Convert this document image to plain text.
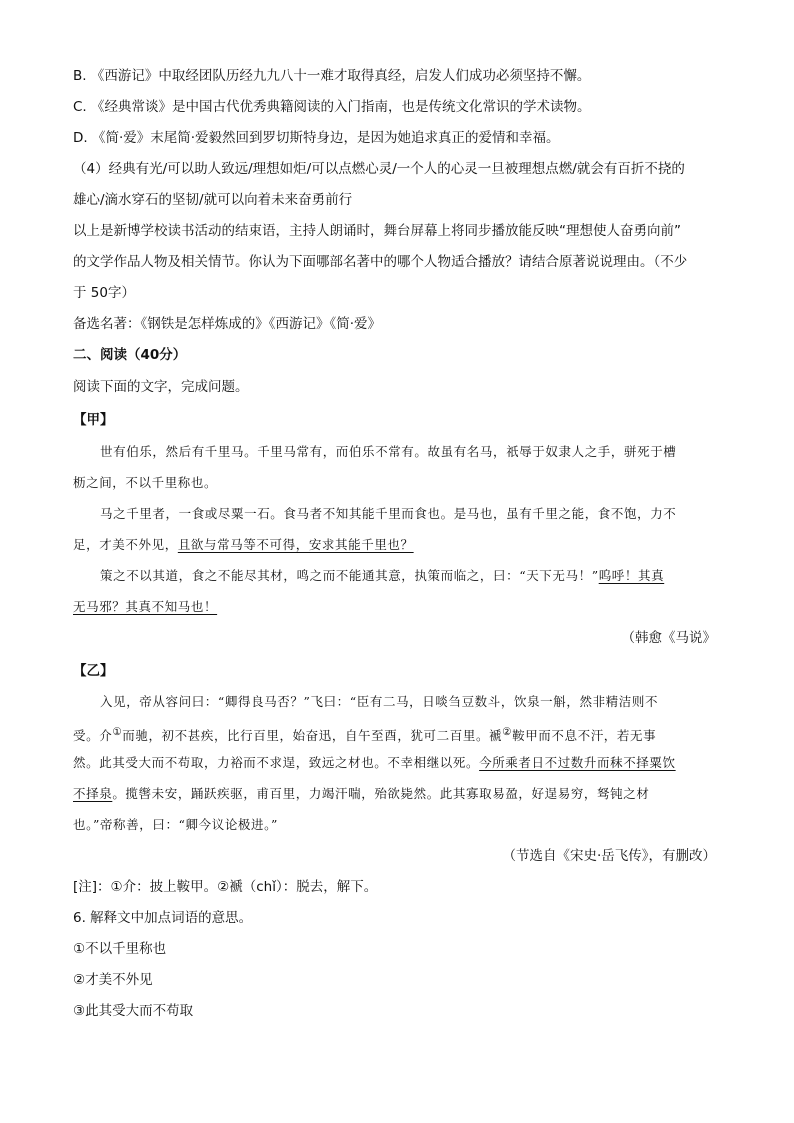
B. 《西游记》中取经团队历经九九八十一难才取得真经，启发人们成功必须坚持不懈。
C. 《经典常谈》是中国古代优秀典籍阅读的入门指南，也是传统文化常识的学术读物。
D. 《简·爱》末尾简·爱毅然回到罗切斯特身边，是因为她追求真正的爱情和幸福。
（4）经典有光/可以助人致远/理想如炬/可以点燃心灵/一个人的心灵一旦被理想点燃/就会有百折不挠的
雄心/滴水穿石的坚韧/就可以向着未来奋勇前行
以上是新博学校读书活动的结束语，主持人朗诵时，舞台屏幕上将同步播放能反映“理想使人奋勇向前”
的文学作品人物及相关情节。你认为下面哪部名著中的哪个人物适合播放？请结合原著说说理由。（不少
于 50字）
备选名著：《钢铁是怎样炼成的》《西游记》《简·爱》
二、阅读（40分）
阅读下面的文字，完成问题。
【甲】
世有伯乐，然后有千里马。千里马常有，而伯乐不常有。故虽有名马，祇辱于奴隶人之手，骈死于槽
枥之间，不以千里称也。
马之千里者，一食或尽粟一石。食马者不知其能千里而食也。是马也，虽有千里之能，食不饱，力不
足，才美不外见，且欲与常马等不可得，安求其能千里也？
策之不以其道，食之不能尽其材，鸣之而不能通其意，执策而临之，曰：“天下无马！”呜呼！其真
无马邪？其真不知马也！
（韩愈《马说》
【乙】
入见，帝从容问曰：“卿得良马否？”飞曰：“臣有二马，日啖刍豆数斗，饮泉一斛，然非精洁则不
受。介①而驰，初不甚疾，比行百里，始奋迅，自午至酉，犹可二百里。褫②鞍甲而不息不汗，若无事
然。此其受大而不苟取，力裕而不求逞，致远之材也。不幸相继以死。今所乘者日不过数升而秣不择粟饮
不择泉。揽辔未安，踊跃疾驱，甫百里，力竭汗喘，殆欲毙然。此其寡取易盈，好逞易穷，驽钝之材
也。”帝称善，曰：“卿今议论极进。”
（节选自《宋史·岳飞传》，有删改）
[注]：①介：披上鞍甲。②褫（chǐ）：脱去，解下。
6. 解释文中加点词语的意思。
①不以千里称也
②才美不外见
③此其受大而不苟取
